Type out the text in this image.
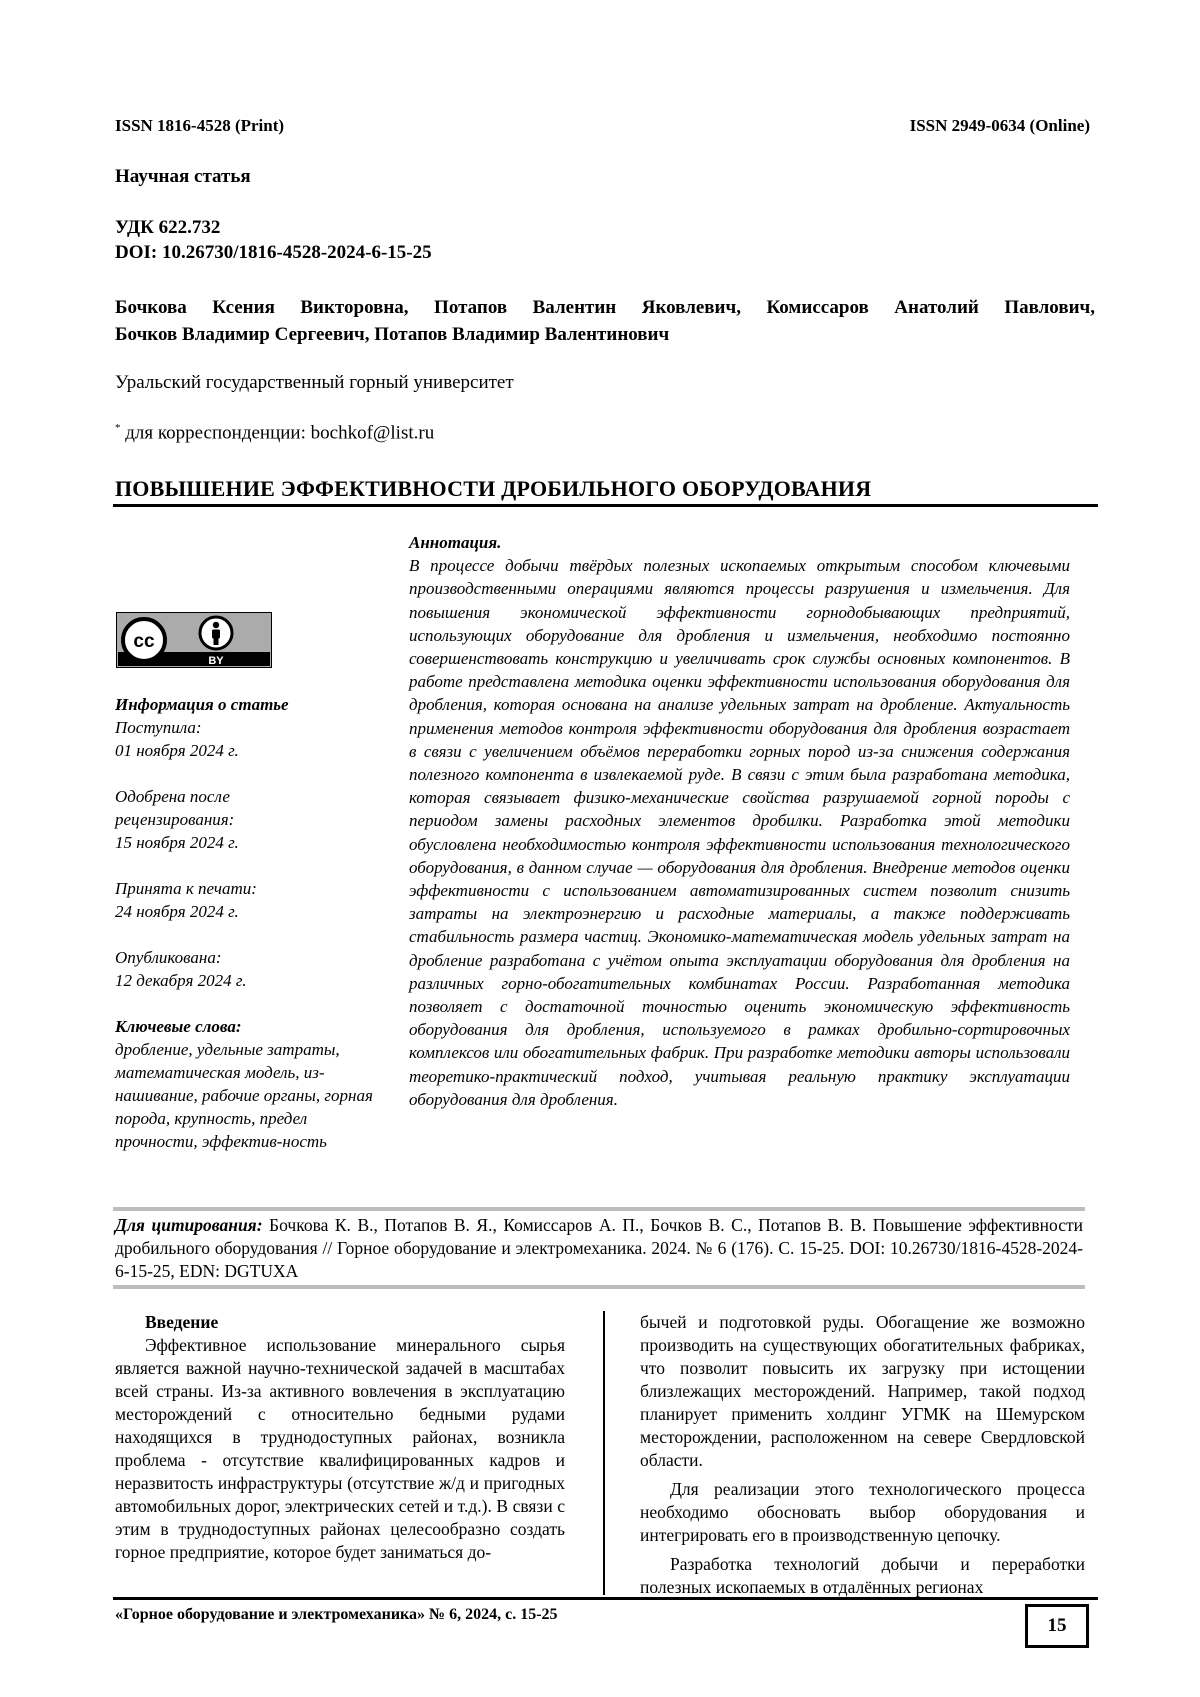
ISSN 1816-4528 (Print)	ISSN 2949-0634 (Online)
Научная статья
УДК 622.732
DOI: 10.26730/1816-4528-2024-6-15-25
Бочкова Ксения Викторовна, Потапов Валентин Яковлевич, Комиссаров Анатолий Павлович,
Бочков Владимир Сергеевич, Потапов Владимир Валентинович
Уральский государственный горный университет
* для корреспонденции: bochkof@list.ru
ПОВЫШЕНИЕ ЭФФЕКТИВНОСТИ ДРОБИЛЬНОГО ОБОРУДОВАНИЯ
BY
cc
Информация о статье
Поступила:
01 ноября 2024 г.
Одобрена после
рецензирования:
15 ноября 2024 г.
Принята к печати:
24 ноября 2024 г.
Опубликована:
12 декабря 2024 г.
Ключевые слова:
дробление, удельные затраты, математическая модель, из-нашивание, рабочие органы, горная порода, крупность, предел прочности, эффектив-ность
Аннотация.
В процессе добычи твёрдых полезных ископаемых открытым способом ключевыми производственными операциями являются процессы разрушения и измельчения. Для повышения экономической эффективности горнодобывающих предприятий, использующих оборудование для дробления и измельчения, необходимо постоянно совершенствовать конструкцию и увеличивать срок службы основных компонентов. В работе представлена методика оценки эффективности использования оборудования для дробления, которая основана на анализе удельных затрат на дробление. Актуальность применения методов контроля эффективности оборудования для дробления возрастает в связи с увеличением объёмов переработки горных пород из-за снижения содержания полезного компонента в извлекаемой руде. В связи с этим была разработана методика, которая связывает физико-механические свойства разрушаемой горной породы с периодом замены расходных элементов дробилки. Разработка этой методики обусловлена необходимостью контроля эффективности использования технологического оборудования, в данном случае — оборудования для дробления. Внедрение методов оценки эффективности с использованием автоматизированных систем позволит снизить затраты на электроэнергию и расходные материалы, а также поддерживать стабильность размера частиц. Экономико-математическая модель удельных затрат на дробление разработана с учётом опыта эксплуатации оборудования для дробления на различных горно-обогатительных комбинатах России. Разработанная методика позволяет с достаточной точностью оценить экономическую эффективность оборудования для дробления, используемого в рамках дробильно-сортировочных комплексов или обогатительных фабрик. При разработке методики авторы использовали теоретико-практический подход, учитывая реальную практику эксплуатации оборудования для дробления.
Для цитирования: Бочкова К. В., Потапов В. Я., Комиссаров А. П., Бочков В. С., Потапов В. В. Повышение эффективности дробильного оборудования // Горное оборудование и электромеханика. 2024. № 6 (176). С. 15-25. DOI: 10.26730/1816-4528-2024-6-15-25, EDN: DGTUXA
Введение

Эффективное использование минерального сырья является важной научно-технической задачей в масштабах всей страны. Из-за активного вовлечения в эксплуатацию месторождений с относительно бедными рудами находящихся в труднодоступных районах, возникла проблема - отсутствие квалифицированных кадров и неразвитость инфраструктуры (отсутствие ж/д и пригодных автомобильных дорог, электрических сетей и т.д.). В связи с этим в труднодоступных районах целесообразно создать горное предприятие, которое будет заниматься до-

бычей и подготовкой руды. Обогащение же возможно производить на существующих обогатительных фабриках, что позволит повысить их загрузку при истощении близлежащих месторождений. Например, такой подход планирует применить холдинг УГМК на Шемурском месторождении, расположенном на севере Свердловской области.

Для реализации этого технологического процесса необходимо обосновать выбор оборудования и интегрировать его в производственную цепочку.

Разработка технологий добычи и переработки полезных ископаемых в отдалённых регионах

«Горное оборудование и электромеханика» № 6, 2024, с. 15-25
15
